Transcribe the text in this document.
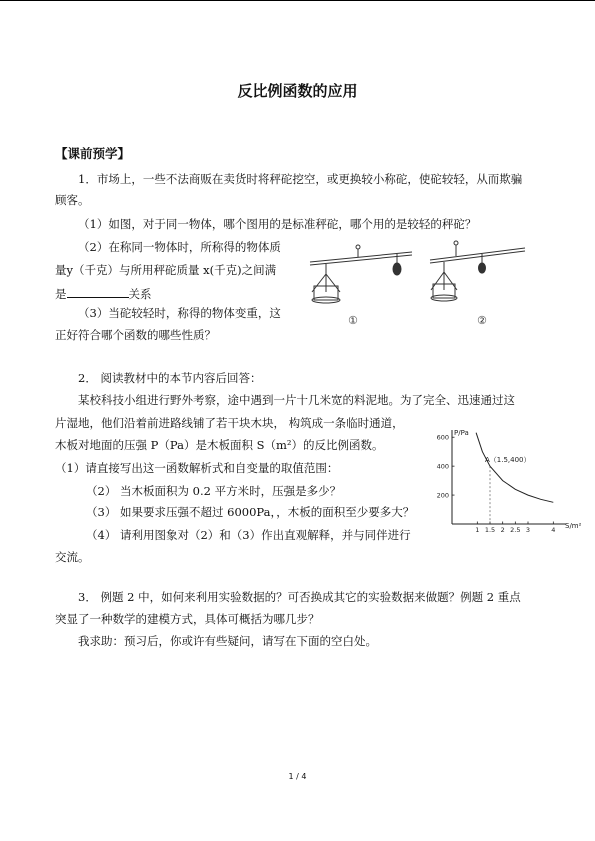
反比例函数的应用
【课前预学】
1．市场上，一些不法商贩在卖货时将秤砣挖空，或更换较小称砣，使砣较轻，从而欺骗
顾客。
（1）如图，对于同一物体，哪个图用的是标准秤砣，哪个用的是较轻的秤砣？
（2）在称同一物体时，所称得的物体质
量y（千克）与所用秤砣质量 x(千克)之间满
是	关系
（3）当砣较轻时，称得的物体变重，这
正好符合哪个函数的哪些性质？
①	②
2． 阅读教材中的本节内容后回答：
某校科技小组进行野外考察，途中遇到一片十几米宽的料泥地。为了完全、迅速通过这
片湿地，他们沿着前进路线铺了若干块木块， 构筑成一条临时通道，
木板对地面的压强 P（Pa）是木板面积 S（m²）的反比例函数。
（1）请直接写出这一函数解析式和自变量的取值范围：
（2） 当木板面积为 0.2 平方米时，压强是多少？
（3） 如果要求压强不超过 6000Pa，，木板的面积至少要多大？
（4） 请利用图象对（2）和（3）作出直观解释，并与同伴进行
交流。
P/Pa
S/m²
1 1.5 2 2.5 3	4
200
400
600
A（1.5,400）
3． 例题 2 中，如何来利用实验数据的？可否换成其它的实验数据来做题？例题 2 重点
突显了一种数学的建模方式，具体可概括为哪几步？
我求助：预习后，你或许有些疑问，请写在下面的空白处。
1 / 4
